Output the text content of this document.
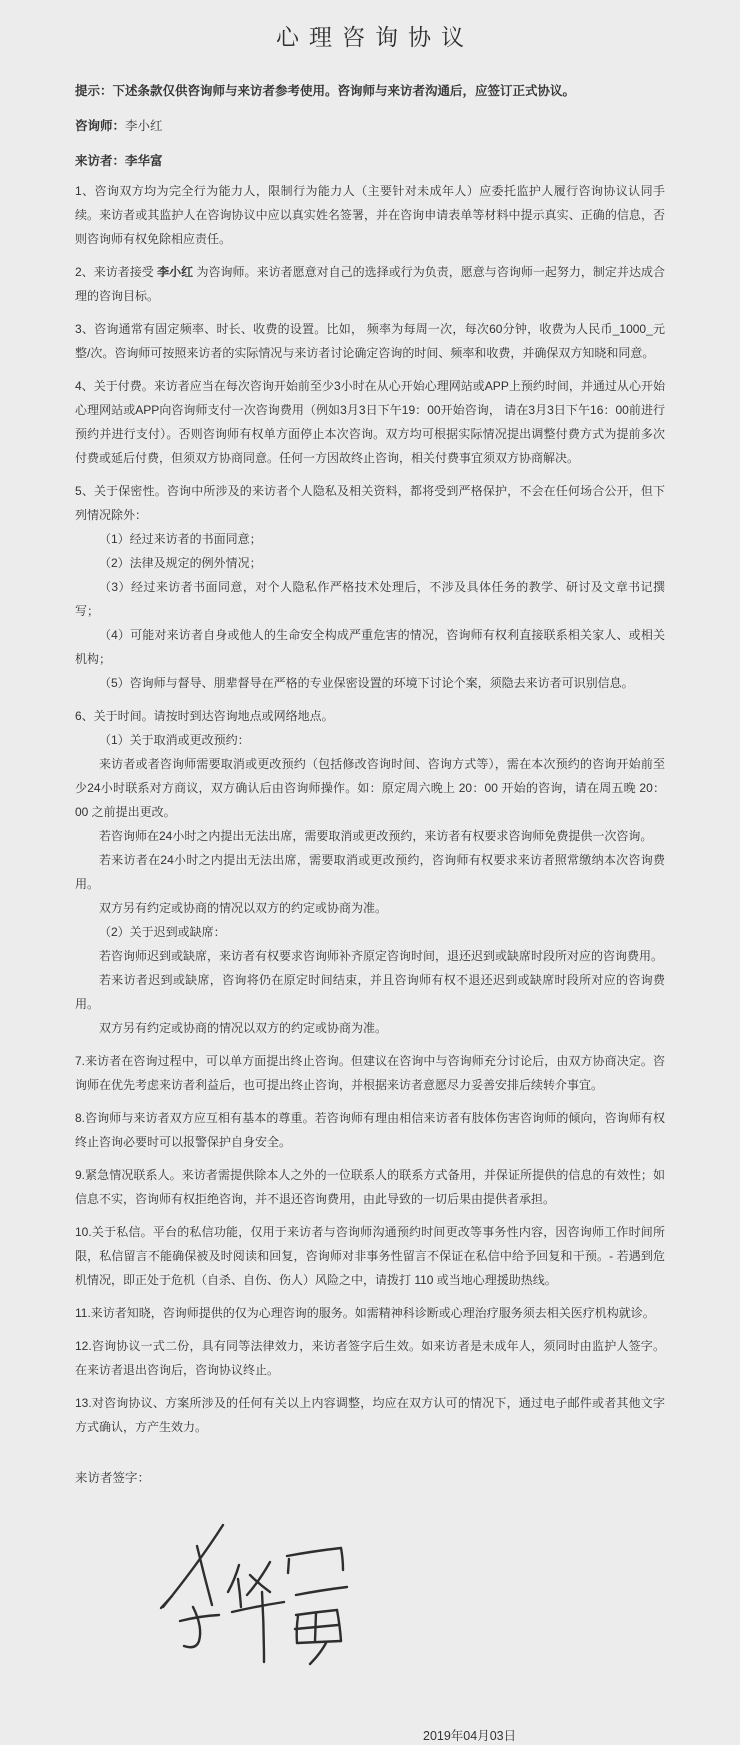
心理咨询协议

提示：下述条款仅供咨询师与来访者参考使用。咨询师与来访者沟通后，应签订正式协议。

咨询师：李小红
来访者：李华富

1、咨询双方均为完全行为能力人，限制行为能力人（主要针对未成年人）应委托监护人履行咨询协议认同手续。来访者或其监护人在咨询协议中应以真实姓名签署，并在咨询申请表单等材料中提示真实、正确的信息，否则咨询师有权免除相应责任。

2、来访者接受 李小红 为咨询师。来访者愿意对自己的选择或行为负责，愿意与咨询师一起努力，制定并达成合理的咨询目标。

3、咨询通常有固定频率、时长、收费的设置。比如， 频率为每周一次，每次60分钟，收费为人民币_1000_元整/次。咨询师可按照来访者的实际情况与来访者讨论确定咨询的时间、频率和收费，并确保双方知晓和同意。

4、关于付费。来访者应当在每次咨询开始前至少3小时在从心开始心理网站或APP上预约时间，并通过从心开始心理网站或APP向咨询师支付一次咨询费用（例如3月3日下午19：00开始咨询， 请在3月3日下午16：00前进行预约并进行支付）。否则咨询师有权单方面停止本次咨询。双方均可根据实际情况提出调整付费方式为提前多次付费或延后付费，但须双方协商同意。任何一方因故终止咨询，相关付费事宜须双方协商解决。

5、关于保密性。咨询中所涉及的来访者个人隐私及相关资料，都将受到严格保护，不会在任何场合公开，但下列情况除外：

（1）经过来访者的书面同意；

（2）法律及规定的例外情况；

（3）经过来访者书面同意，对个人隐私作严格技术处理后，不涉及具体任务的教学、研讨及文章书记撰写；

（4）可能对来访者自身或他人的生命安全构成严重危害的情况，咨询师有权利直接联系相关家人、或相关机构；

（5）咨询师与督导、朋辈督导在严格的专业保密设置的环境下讨论个案，须隐去来访者可识别信息。

6、关于时间。请按时到达咨询地点或网络地点。

（1）关于取消或更改预约：

来访者或者咨询师需要取消或更改预约（包括修改咨询时间、咨询方式等），需在本次预约的咨询开始前至少24小时联系对方商议，双方确认后由咨询师操作。如：原定周六晚上 20：00 开始的咨询，请在周五晚 20：00 之前提出更改。

若咨询师在24小时之内提出无法出席，需要取消或更改预约，来访者有权要求咨询师免费提供一次咨询。

若来访者在24小时之内提出无法出席，需要取消或更改预约，咨询师有权要求来访者照常缴纳本次咨询费用。

双方另有约定或协商的情况以双方的约定或协商为准。

（2）关于迟到或缺席：

若咨询师迟到或缺席，来访者有权要求咨询师补齐原定咨询时间，退还迟到或缺席时段所对应的咨询费用。

若来访者迟到或缺席，咨询将仍在原定时间结束，并且咨询师有权不退还迟到或缺席时段所对应的咨询费用。

双方另有约定或协商的情况以双方的约定或协商为准。

7.来访者在咨询过程中，可以单方面提出终止咨询。但建议在咨询中与咨询师充分讨论后，由双方协商决定。咨询师在优先考虑来访者利益后，也可提出终止咨询，并根据来访者意愿尽力妥善安排后续转介事宜。

8.咨询师与来访者双方应互相有基本的尊重。若咨询师有理由相信来访者有肢体伤害咨询师的倾向，咨询师有权终止咨询必要时可以报警保护自身安全。

9.紧急情况联系人。来访者需提供除本人之外的一位联系人的联系方式备用，并保证所提供的信息的有效性；如信息不实，咨询师有权拒绝咨询，并不退还咨询费用，由此导致的一切后果由提供者承担。

10.关于私信。平台的私信功能，仅用于来访者与咨询师沟通预约时间更改等事务性内容，因咨询师工作时间所限，私信留言不能确保被及时阅读和回复，咨询师对非事务性留言不保证在私信中给予回复和干预。- 若遇到危机情况，即正处于危机（自杀、自伤、伤人）风险之中，请拨打 110 或当地心理援助热线。

11.来访者知晓，咨询师提供的仅为心理咨询的服务。如需精神科诊断或心理治疗服务须去相关医疗机构就诊。

12.咨询协议一式二份，具有同等法律效力，来访者签字后生效。如来访者是未成年人，须同时由监护人签字。在来访者退出咨询后，咨询协议终止。

13.对咨询协议、方案所涉及的任何有关以上内容调整，均应在双方认可的情况下，通过电子邮件或者其他文字方式确认，方产生效力。

来访者签字：
2019年04月03日
